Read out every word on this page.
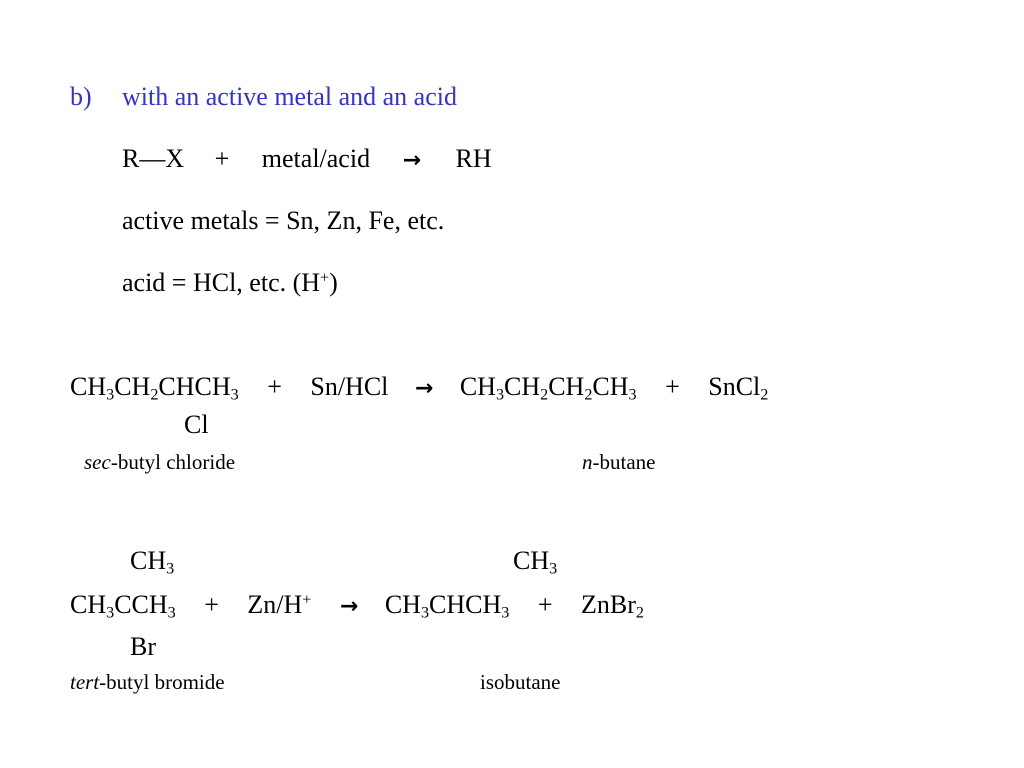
b) with an active metal and an acid
R—X + metal/acid → RH
active metals = Sn, Zn, Fe, etc.
acid = HCl, etc. (H+)
$CH_3CH_2CHCH_3 + Sn/HCl \to CH_3CH_2CH_2CH_3$ + SnCl$_2$
Cl
sec-butyl chloride	n-butane
$CH_3$	$CH_3$
$CH_3CCH_3 + Zn/H^+$ → $CH_3CHCH_3$ + ZnBr$_2$
Br
tert-butyl bromide	isobutane
